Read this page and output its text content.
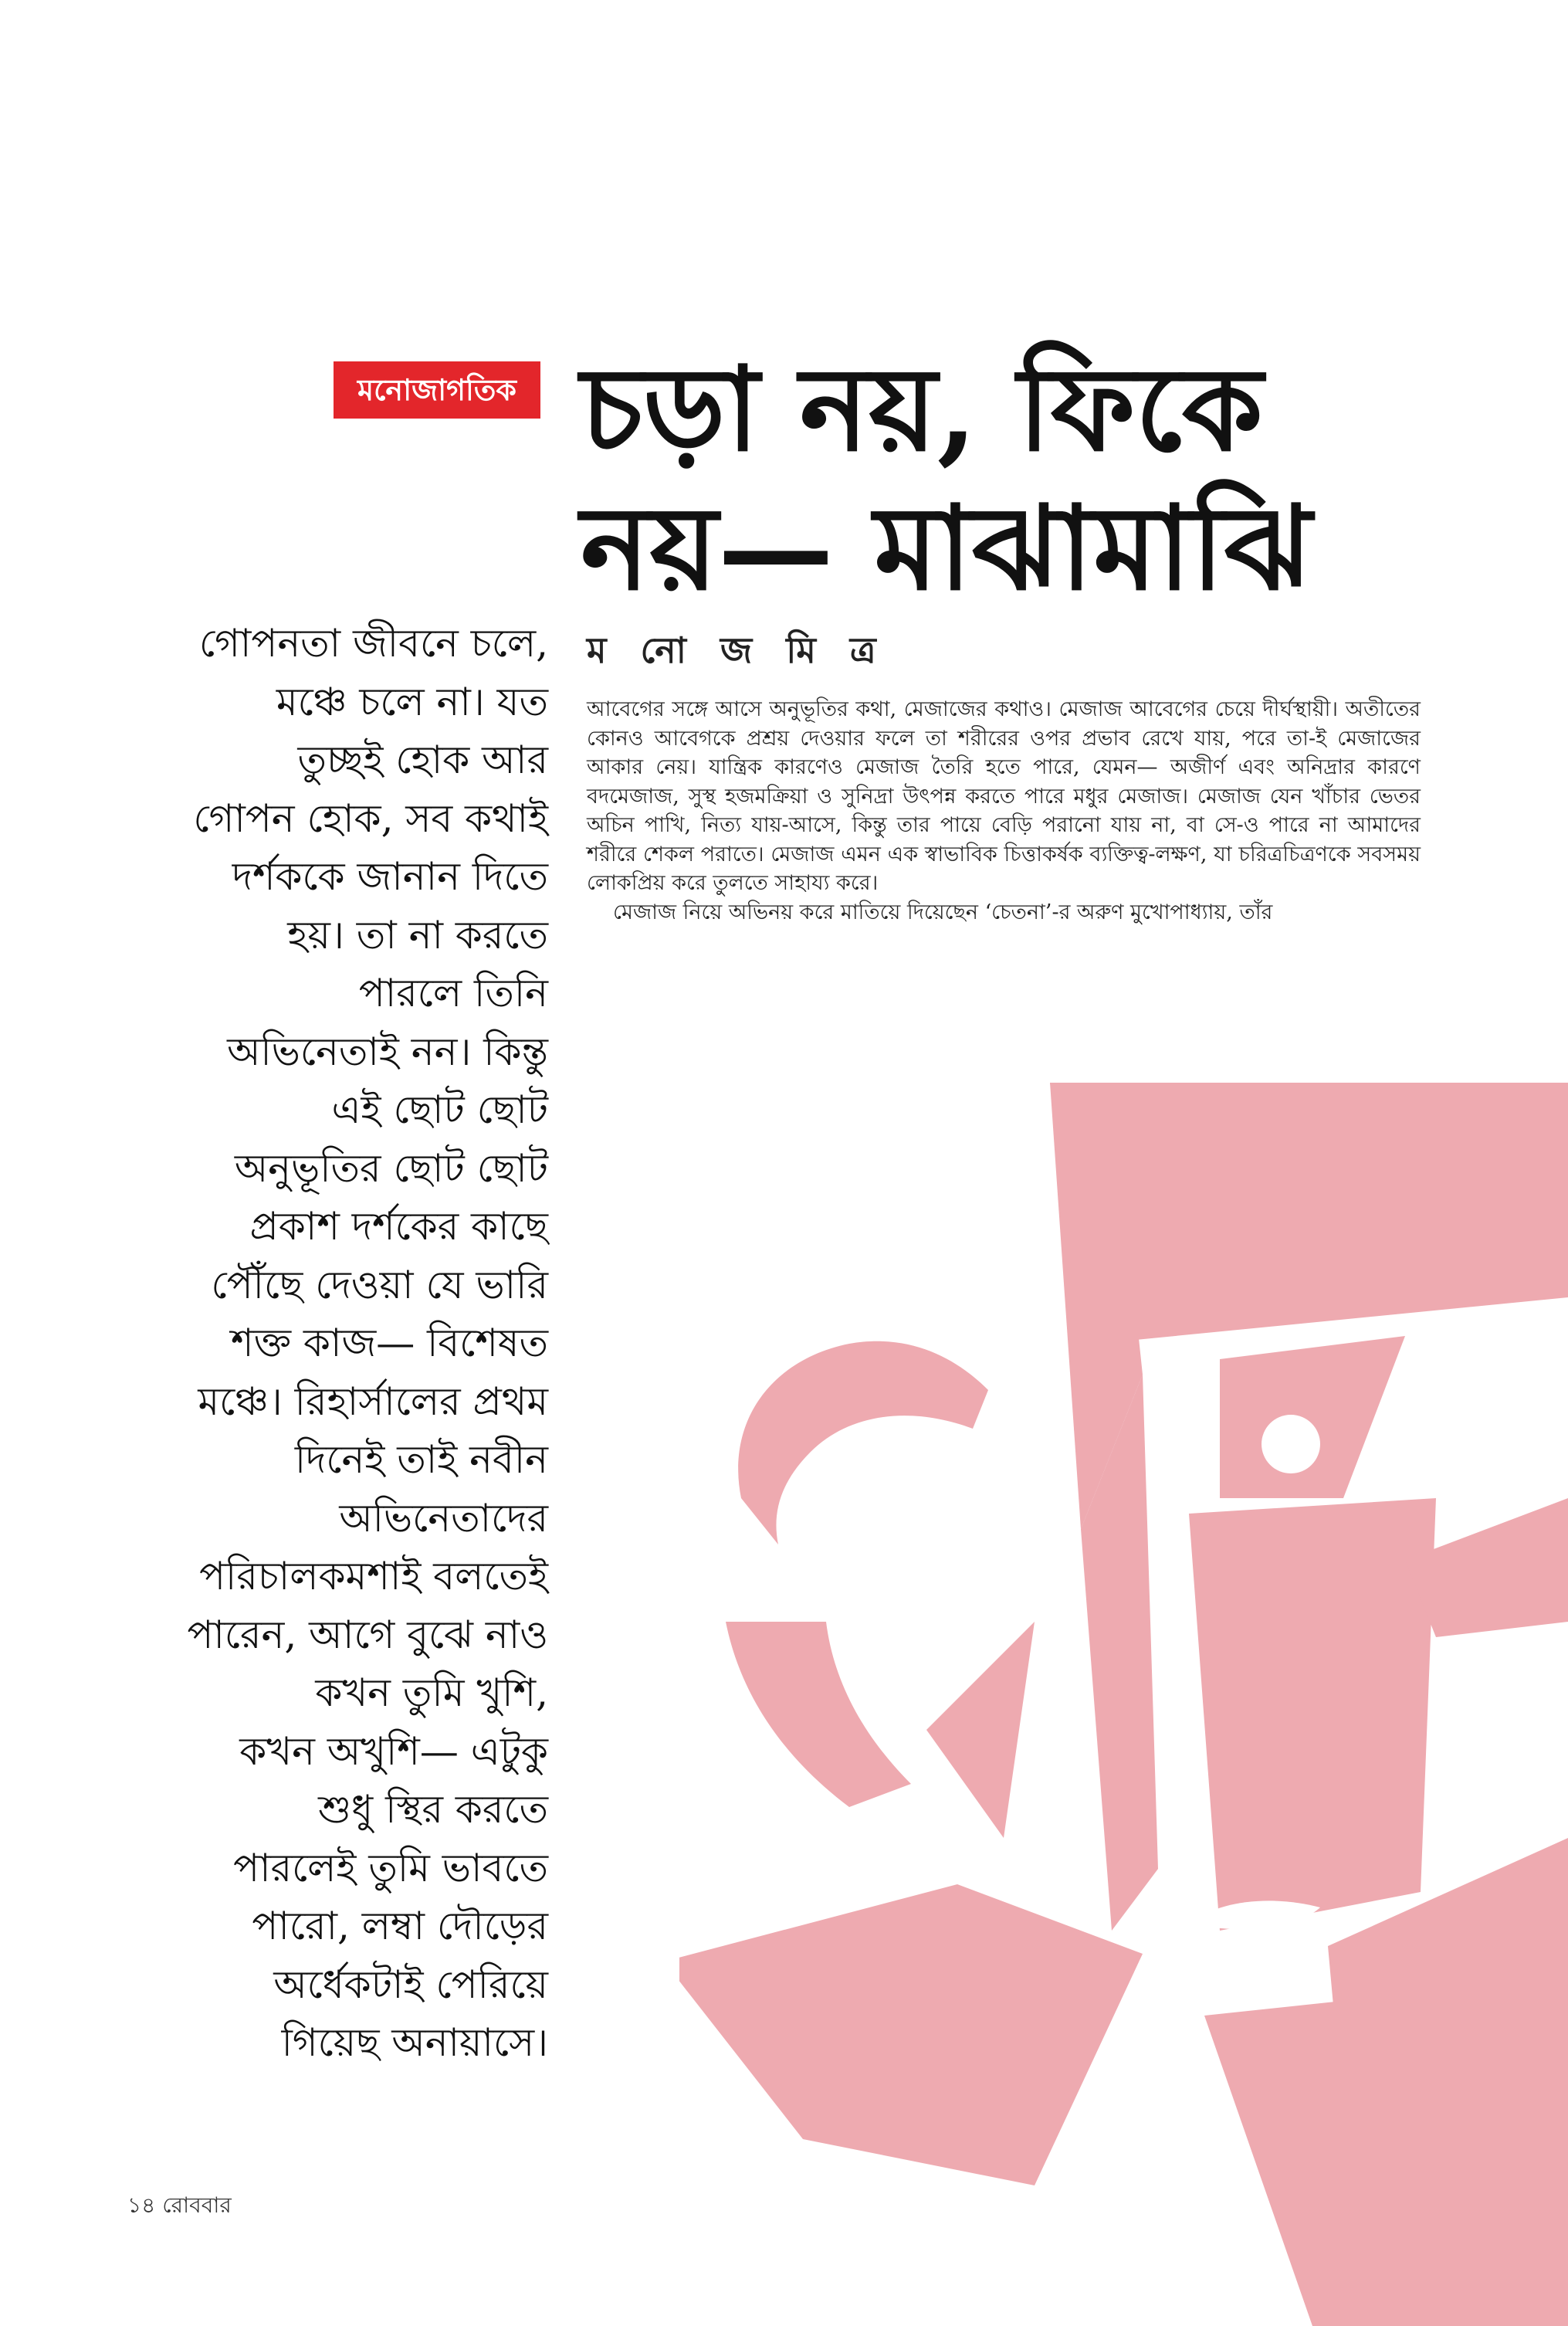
মনোজাগতিক চড়া নয়, ফিকে
নয়— মাঝামাঝি
ম নো জ মি ত্র
গোপনতা জীবনে চলে,
মঞ্চে চলে না। যত
তুচ্ছই হোক আর
গোপন হোক, সব কথাই
দর্শককে জানান দিতে
হয়। তা না করতে
পারলে তিনি
অভিনেতাই নন। কিন্তু
এই ছোট ছোট
অনুভূতির ছোট ছোট
প্রকাশ দর্শকের কাছে
পৌঁছে দেওয়া যে ভারি
শক্ত কাজ— বিশেষত
মঞ্চে। রিহার্সালের প্রথম
দিনেই তাই নবীন
অভিনেতাদের
পরিচালকমশাই বলতেই
পারেন, আগে বুঝে নাও
কখন তুমি খুশি,
কখন অখুশি— এটুকু
শুধু স্থির করতে
পারলেই তুমি ভাবতে
পারো, লম্বা দৌড়ের
অর্ধেকটাই পেরিয়ে
গিয়েছ অনায়াসে।

আবেগের সঙ্গে আসে অনুভূতির কথা, মেজাজের কথাও। মেজাজ আবেগের চেয়ে দীর্ঘস্থায়ী। অতীতের কোনও আবেগকে প্রশ্রয় দেওয়ার ফলে তা শরীরের ওপর প্রভাব রেখে যায়, পরে তা-ই মেজাজের আকার নেয়। যান্ত্রিক কারণেও মেজাজ তৈরি হতে পারে, যেমন— অজীর্ণ এবং অনিদ্রার কারণে বদমেজাজ, সুস্থ হজমক্রিয়া ও সুনিদ্রা উৎপন্ন করতে পারে মধুর মেজাজ। মেজাজ যেন খাঁচার ভেতর অচিন পাখি, নিত্য যায়-আসে, কিন্তু তার পায়ে বেড়ি পরানো যায় না, বা সে-ও পারে না আমাদের শরীরে শেকল পরাতে। মেজাজ এমন এক স্বাভাবিক চিত্তাকর্ষক ব্যক্তিত্ব-লক্ষণ, যা চরিত্রচিত্রণকে সবসময় লোকপ্রিয় করে তুলতে সাহায্য করে।

মেজাজ নিয়ে অভিনয় করে মাতিয়ে দিয়েছেন ‘চেতনা’-র অরুণ মুখোপাধ্যায়, তাঁর

১৪ রোববার
